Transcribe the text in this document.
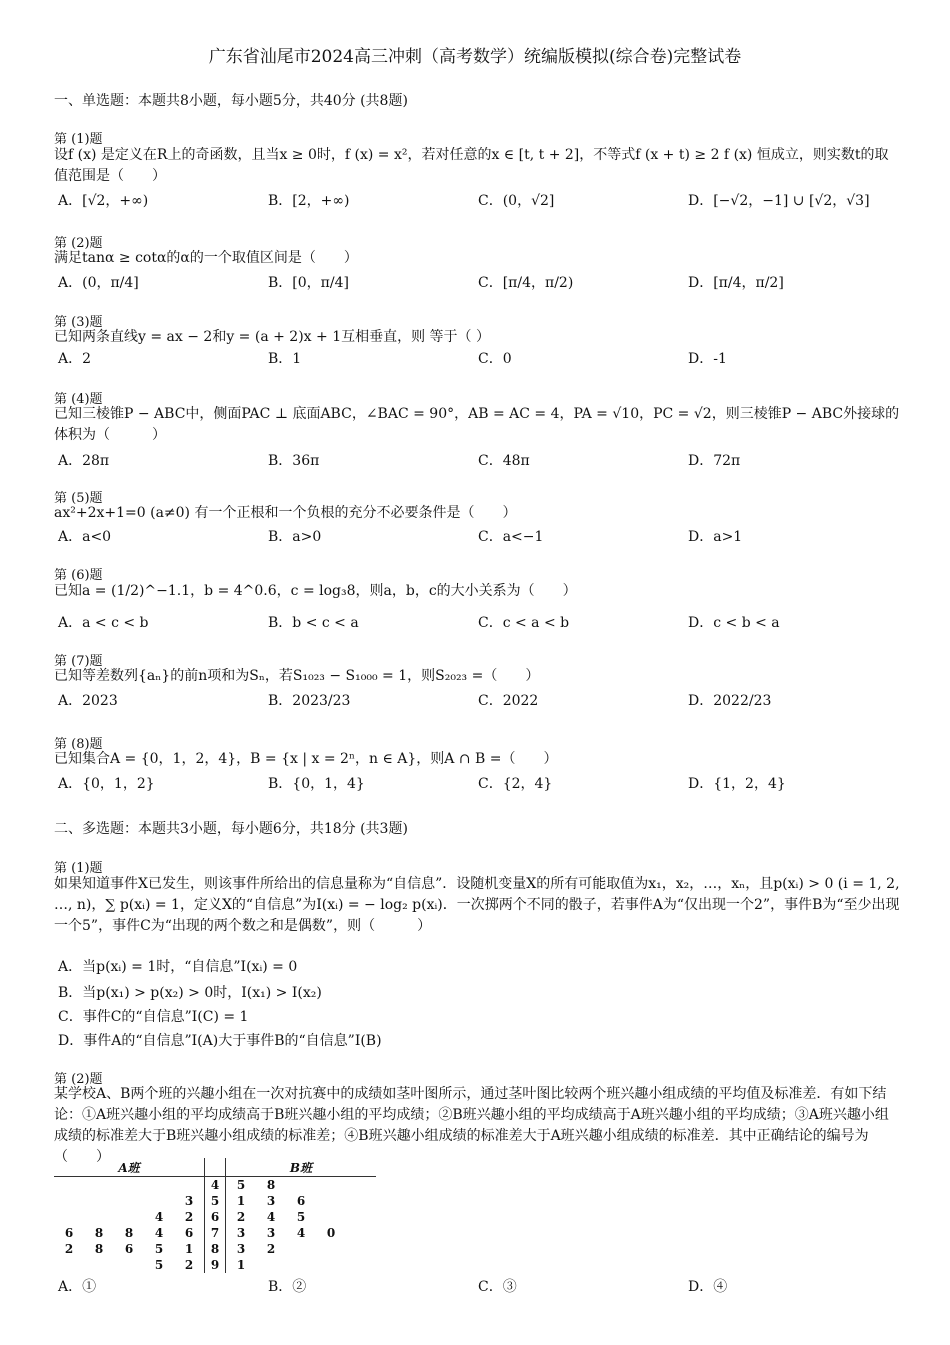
广东省汕尾市2024高三冲刺（高考数学）统编版模拟(综合卷)完整试卷
一、单选题：本题共8小题，每小题5分，共40分 (共8题)
第 (1)题
设f (x) 是定义在R上的奇函数，且当x ≥ 0时，f (x) = x²，若对任意的x ∈ [t, t + 2]，不等式f (x + t) ≥ 2 f (x) 恒成立，则实数t的取值范围是（　　）
A．[√2，+∞)	B．[2，+∞)	C．(0，√2]	D．[−√2，−1] ∪ [√2，√3]
第 (2)题
满足tanα ≥ cotα的α的一个取值区间是（　　）
A．(0，π/4]	B．[0，π/4]	C．[π/4，π/2)	D．[π/4，π/2]
第 (3)题
已知两条直线y = ax − 2和y = (a + 2)x + 1互相垂直，则 等于（ ）
A．2	B．1	C．0	D．-1
第 (4)题
已知三棱锥P − ABC中，侧面PAC ⊥ 底面ABC，∠BAC = 90°，AB = AC = 4，PA = √10，PC = √2，则三棱锥P − ABC外接球的体积为（　　　）
A．28π	B．36π	C．48π	D．72π
第 (5)题
ax²+2x+1=0 (a≠0) 有一个正根和一个负根的充分不必要条件是（　　）
A．a<0	B．a>0	C．a<−1	D．a>1
第 (6)题
已知a = (1/2)^−1.1，b = 4^0.6，c = log₃8，则a，b，c的大小关系为（　　）
A．a < c < b	B．b < c < a	C．c < a < b	D．c < b < a
第 (7)题
已知等差数列{aₙ}的前n项和为Sₙ，若S₁₀₂₃ − S₁₀₀₀ = 1，则S₂₀₂₃ =（　　）
A．2023	B．2023/23	C．2022	D．2022/23
第 (8)题
已知集合A = {0，1，2，4}，B = {x | x = 2ⁿ，n ∈ A}，则A ∩ B =（　　）
A．{0，1，2}	B．{0，1，4}	C．{2，4}	D．{1，2，4}
二、多选题：本题共3小题，每小题6分，共18分 (共3题)
第 (1)题
如果知道事件X已发生，则该事件所给出的信息量称为“自信息”．设随机变量X的所有可能取值为x₁，x₂，…，xₙ，且p(xᵢ) > 0 (i = 1, 2, …, n)，∑ p(xᵢ) = 1，定义X的“自信息”为I(xᵢ) = − log₂ p(xᵢ)．一次掷两个不同的骰子，若事件A为“仅出现一个2”，事件B为“至少出现一个5”，事件C为“出现的两个数之和是偶数”，则（　　　）
A．当p(xᵢ) = 1时，“自信息”I(xᵢ) = 0
B．当p(x₁) > p(x₂) > 0时，I(x₁) > I(x₂)
C．事件C的“自信息”I(C) = 1
D．事件A的“自信息”I(A)大于事件B的“自信息”I(B)
第 (2)题
某学校A、B两个班的兴趣小组在一次对抗赛中的成绩如茎叶图所示，通过茎叶图比较两个班兴趣小组成绩的平均值及标准差．有如下结论：①A班兴趣小组的平均成绩高于B班兴趣小组的平均成绩；②B班兴趣小组的平均成绩高于A班兴趣小组的平均成绩；③A班兴趣小组成绩的标准差大于B班兴趣小组成绩的标准差；④B班兴趣小组成绩的标准差大于A班兴趣小组成绩的标准差．其中正确结论的编号为（　　）
A班						B班				
					4	5	8			
				3	5	1	3	6		
			4	2	6	2	4	5		
6	8	8	4	6	7	3	3	4	0	
2	8	6	5	1	8	3	2			
			5	2	9	1				
A．①	B．②	C．③	D．④
